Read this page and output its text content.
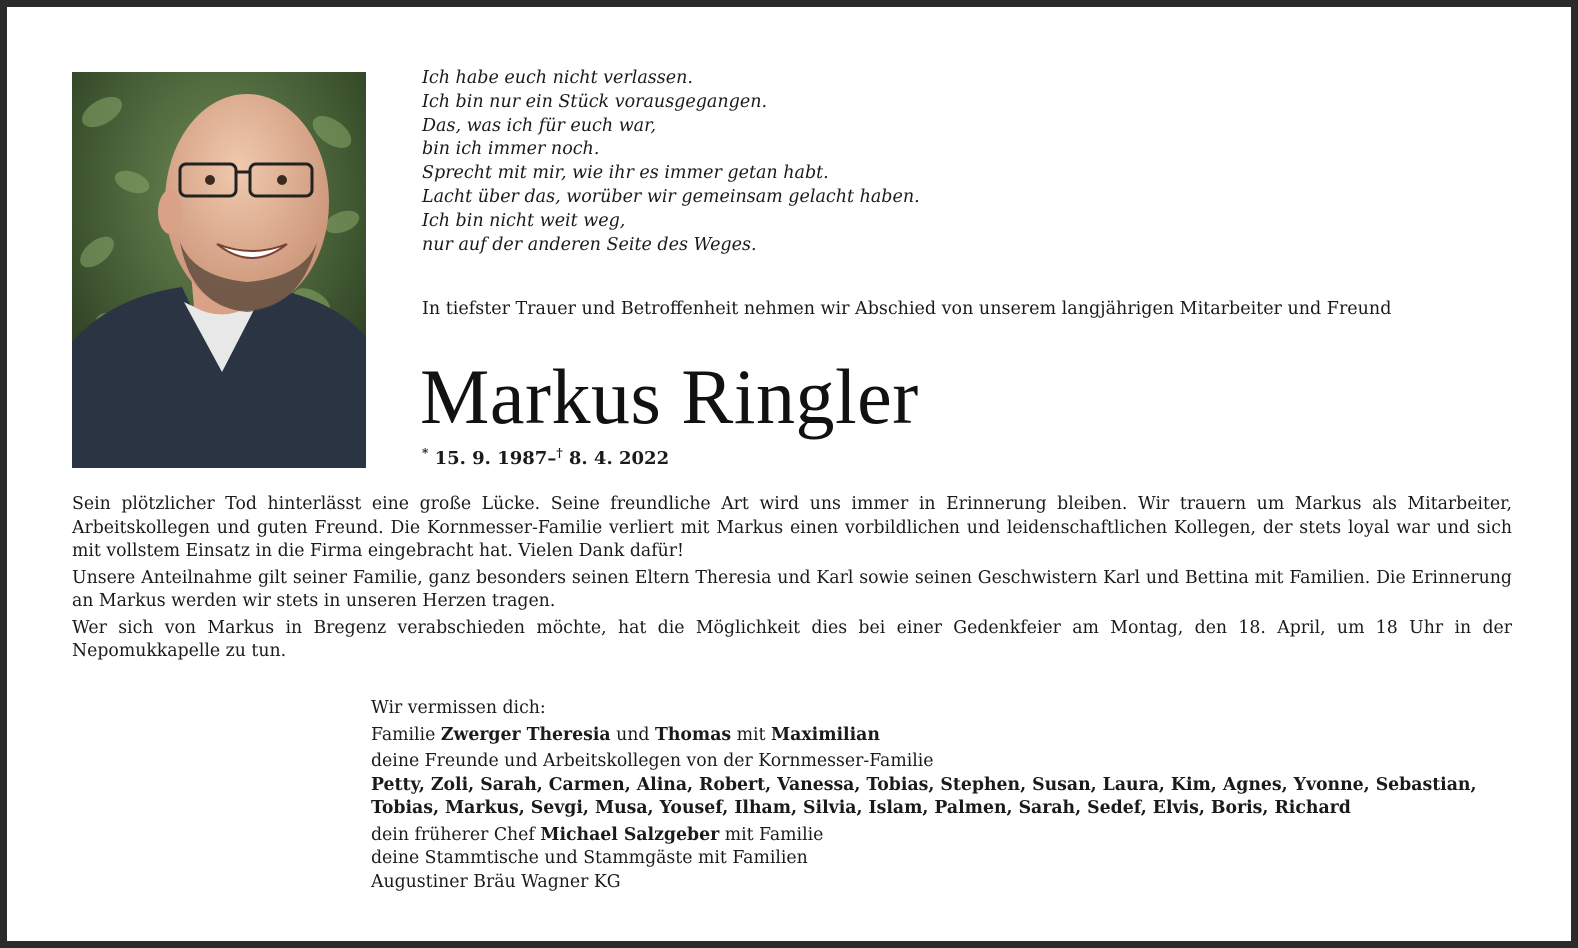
Ich habe euch nicht verlassen.
Ich bin nur ein Stück vorausgegangen.
Das, was ich für euch war,
bin ich immer noch.
Sprecht mit mir, wie ihr es immer getan habt.
Lacht über das, worüber wir gemeinsam gelacht haben.
Ich bin nicht weit weg,
nur auf der anderen Seite des Weges.
In tiefster Trauer und Betroffenheit nehmen wir Abschied von unserem langjährigen Mitarbeiter und Freund
Markus Ringler
* 15. 9. 1987–† 8. 4. 2022

Sein plötzlicher Tod hinterlässt eine große Lücke. Seine freundliche Art wird uns immer in Erinnerung bleiben. Wir trauern um Markus als Mitarbeiter, Arbeitskollegen und guten Freund. Die Kornmesser-Familie verliert mit Markus einen vorbildlichen und leidenschaftlichen Kollegen, der stets loyal war und sich mit vollstem Einsatz in die Firma eingebracht hat. Vielen Dank dafür!

Unsere Anteilnahme gilt seiner Familie, ganz besonders seinen Eltern Theresia und Karl sowie seinen Geschwistern Karl und Bettina mit Familien. Die Erinnerung an Markus werden wir stets in unseren Herzen tragen.

Wer sich von Markus in Bregenz verabschieden möchte, hat die Möglichkeit dies bei einer Gedenkfeier am Montag, den 18. April, um 18 Uhr in der Nepomukkapelle zu tun.

Wir vermissen dich:
Familie Zwerger Theresia und Thomas mit Maximilian
deine Freunde und Arbeitskollegen von der Kornmesser-Familie
Petty, Zoli, Sarah, Carmen, Alina, Robert, Vanessa, Tobias, Stephen, Susan, Laura, Kim, Agnes, Yvonne, Sebastian, Tobias, Markus, Sevgi, Musa, Yousef, Ilham, Silvia, Islam, Palmen, Sarah, Sedef, Elvis, Boris, Richard
dein früherer Chef Michael Salzgeber mit Familie
deine Stammtische und Stammgäste mit Familien
Augustiner Bräu Wagner KG
